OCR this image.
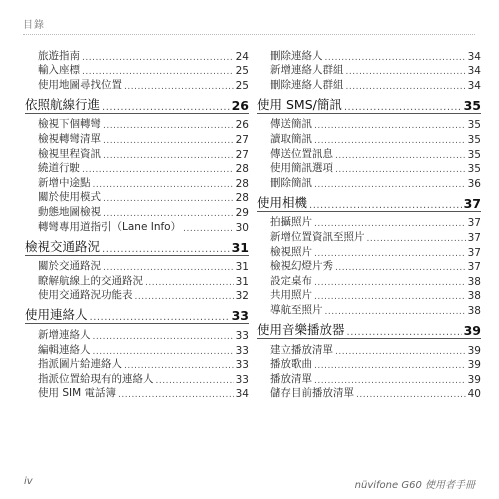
目錄
旅遊指南 .....	24
輸入座標 .....	25
使用地圖尋找位置 .....	25
依照航線行進 .....	26
檢視下個轉彎 .....	26
檢視轉彎清單 .....	27
檢視里程資訊 .....	27
繞道行駛 .....	28
新增中途點 .....	28
關於使用模式 .....	28
動態地圖檢視 .....	29
轉彎專用道指引（Lane Info） .....	30
檢視交通路況 .....	31
關於交通路況 .....	31
瞭解航線上的交通路況 .....	31
使用交通路況功能表 .....	32
使用連絡人 .....	33
新增連絡人 .....	33
編輯連絡人 .....	33
指派圖片給連絡人 .....	33
指派位置給現有的連絡人 .....	33
使用 SIM 電話簿 .....	34
刪除連絡人 .....	34
新增連絡人群組 .....	34
刪除連絡人群組 .....	34
使用 SMS/簡訊 .....	35
傳送簡訊 .....	35
讀取簡訊 .....	35
傳送位置訊息 .....	35
使用簡訊選項 .....	35
刪除簡訊 .....	36
使用相機 .....	37
拍攝照片 .....	37
新增位置資訊至照片 .....	37
檢視照片 .....	37
檢視幻燈片秀 .....	37
設定桌布 .....	38
共用照片 .....	38
導航至照片 .....	38
使用音樂播放器 .....	39
建立播放清單 .....	39
播放歌曲 .....	39
播放清單 .....	39
儲存目前播放清單 .....	40
iv	nüvifone G60 使用者手冊
